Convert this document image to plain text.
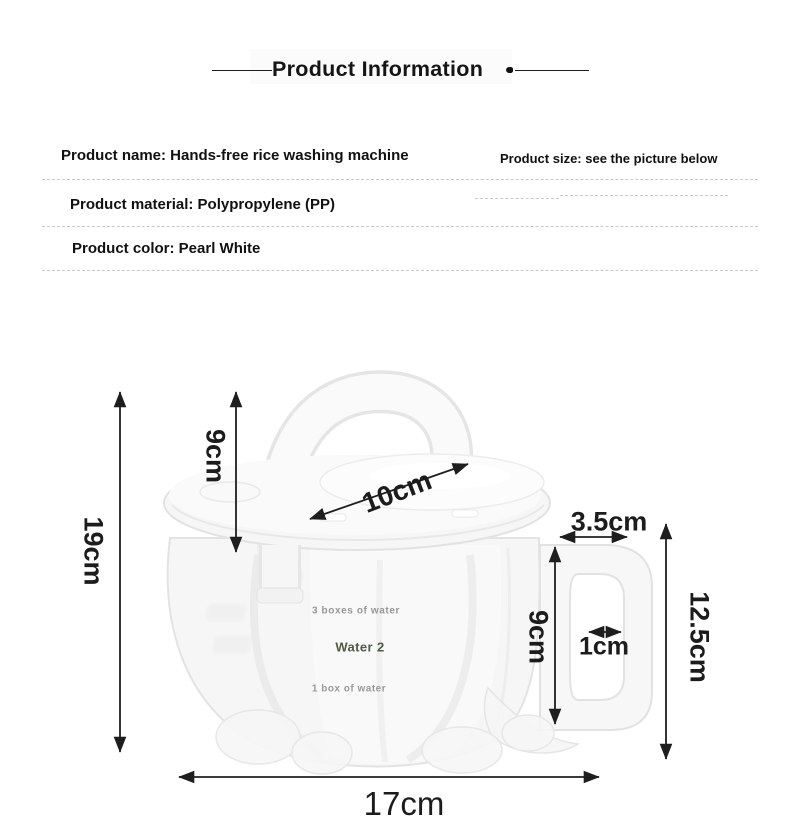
Product Information
Product name: Hands-free rice washing machine	Product size: see the picture below
Product material: Polypropylene (PP)
Product color: Pearl White
3 boxes of water
Water 2
1 box of water
19cm
9cm
10cm
3.5cm
12.5cm
9cm 1cm
17cm
